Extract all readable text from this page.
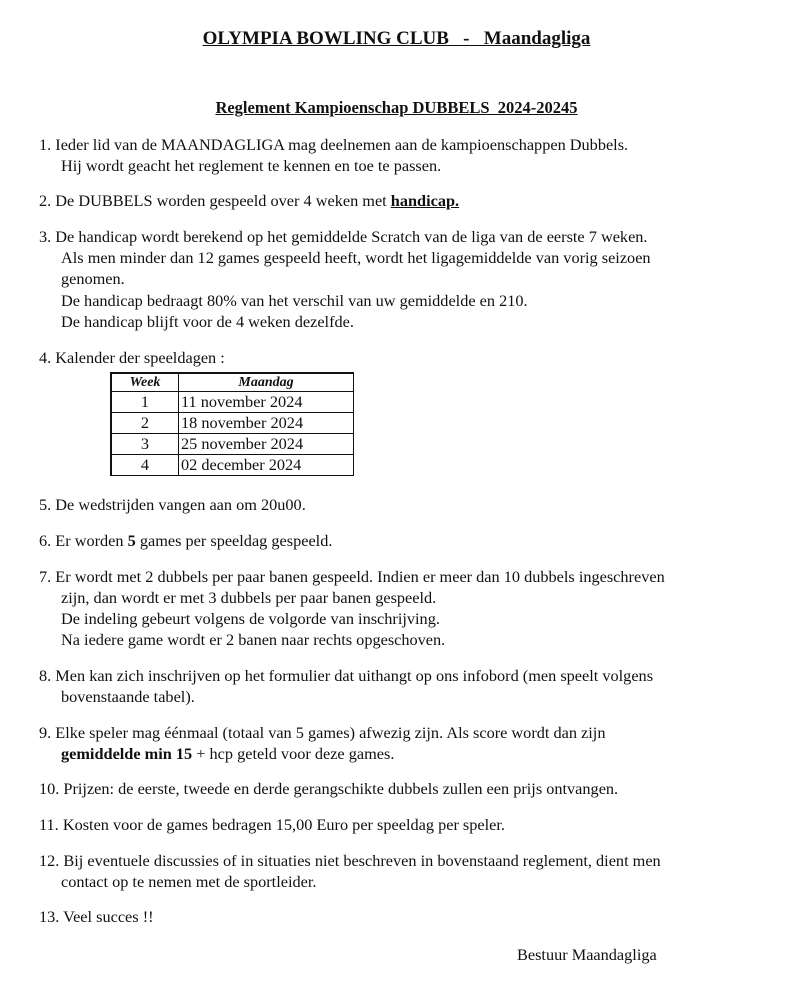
OLYMPIA BOWLING CLUB   -   Maandagliga
Reglement Kampioenschap DUBBELS  2024-20245
1. Ieder lid van de MAANDAGLIGA mag deelnemen aan de kampioenschappen Dubbels.
Hij wordt geacht het reglement te kennen en toe te passen.
2. De DUBBELS worden gespeeld over 4 weken met handicap.
3. De handicap wordt berekend op het gemiddelde Scratch van de liga van de eerste 7 weken.
Als men minder dan 12 games gespeeld heeft, wordt het ligagemiddelde van vorig seizoen
genomen.
De handicap bedraagt 80% van het verschil van uw gemiddelde en 210.
De handicap blijft voor de 4 weken dezelfde.
4. Kalender der speeldagen :
Week	Maandag
1	11 november 2024
2	18 november 2024
3	25 november 2024
4	02 december 2024
5. De wedstrijden vangen aan om 20u00.
6. Er worden 5 games per speeldag gespeeld.
7. Er wordt met 2 dubbels per paar banen gespeeld. Indien er meer dan 10 dubbels ingeschreven
zijn, dan wordt er met 3 dubbels per paar banen gespeeld.
De indeling gebeurt volgens de volgorde van inschrijving.
Na iedere game wordt er 2 banen naar rechts opgeschoven.
8. Men kan zich inschrijven op het formulier dat uithangt op ons infobord (men speelt volgens
bovenstaande tabel).
9. Elke speler mag éénmaal (totaal van 5 games) afwezig zijn. Als score wordt dan zijn
gemiddelde min 15 + hcp geteld voor deze games.
10. Prijzen: de eerste, tweede en derde gerangschikte dubbels zullen een prijs ontvangen.
11. Kosten voor de games bedragen 15,00 Euro per speeldag per speler.
12. Bij eventuele discussies of in situaties niet beschreven in bovenstaand reglement, dient men
contact op te nemen met de sportleider.
13. Veel succes !!
Bestuur Maandagliga
